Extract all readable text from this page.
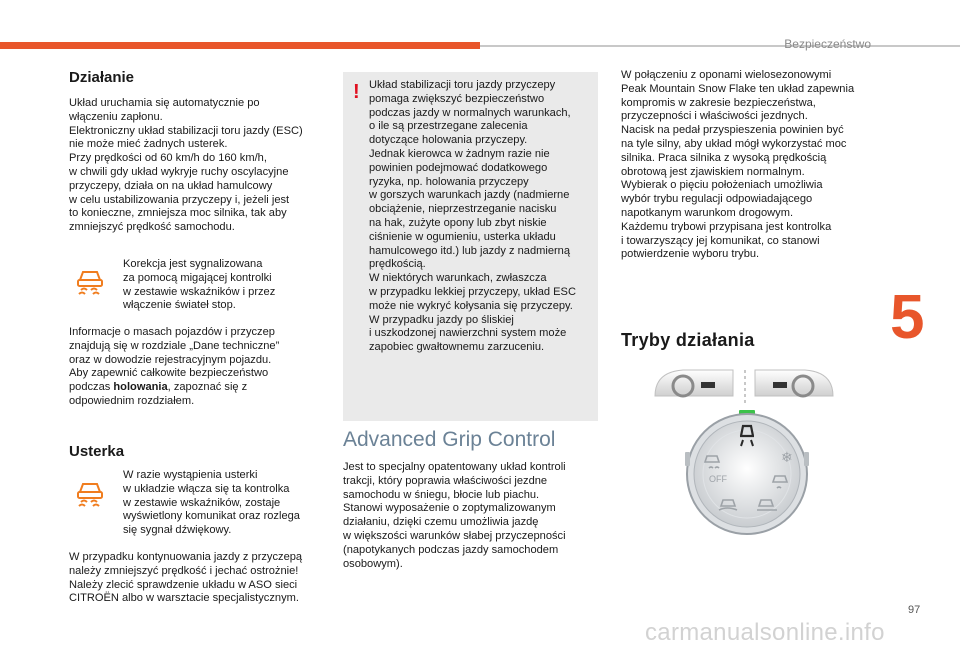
Bezpieczeństwo
5
97
carmanualsonline.info
Działanie
Układ uruchamia się automatycznie po
włączeniu zapłonu.
Elektroniczny układ stabilizacji toru jazdy (ESC)
nie może mieć żadnych usterek.
Przy prędkości od 60 km/h do 160 km/h,
w chwili gdy układ wykryje ruchy oscylacyjne
przyczepy, działa on na układ hamulcowy
w celu ustabilizowania przyczepy i, jeżeli jest
to konieczne, zmniejsza moc silnika, tak aby
zmniejszyć prędkość samochodu.
Korekcja jest sygnalizowana
za pomocą migającej kontrolki
w zestawie wskaźników i przez
włączenie świateł stop.
Informacje o masach pojazdów i przyczep
znajdują się w rozdziale „Dane techniczne”
oraz w dowodzie rejestracyjnym pojazdu.
Aby zapewnić całkowite bezpieczeństwo
podczas holowania, zapoznać się z
odpowiednim rozdziałem.
Usterka
W razie wystąpienia usterki
w układzie włącza się ta kontrolka
w zestawie wskaźników, zostaje
wyświetlony komunikat oraz rozlega
się sygnał dźwiękowy.
W przypadku kontynuowania jazdy z przyczepą
należy zmniejszyć prędkość i jechać ostrożnie!
Należy zlecić sprawdzenie układu w ASO sieci
CITROËN albo w warsztacie specjalistycznym.
! Układ stabilizacji toru jazdy przyczepy
pomaga zwiększyć bezpieczeństwo
podczas jazdy w normalnych warunkach,
o ile są przestrzegane zalecenia
dotyczące holowania przyczepy.
Jednak kierowca w żadnym razie nie
powinien podejmować dodatkowego
ryzyka, np. holowania przyczepy
w gorszych warunkach jazdy (nadmierne
obciążenie, nieprzestrzeganie nacisku
na hak, zużyte opony lub zbyt niskie
ciśnienie w ogumieniu, usterka układu
hamulcowego itd.) lub jazdy z nadmierną
prędkością.
W niektórych warunkach, zwłaszcza
w przypadku lekkiej przyczepy, układ ESC
może nie wykryć kołysania się przyczepy.
W przypadku jazdy po śliskiej
i uszkodzonej nawierzchni system może
zapobiec gwałtownemu zarzuceniu.
Advanced Grip Control
Jest to specjalny opatentowany układ kontroli
trakcji, który poprawia właściwości jezdne
samochodu w śniegu, błocie lub piachu.
Stanowi wyposażenie o zoptymalizowanym
działaniu, dzięki czemu umożliwia jazdę
w większości warunków słabej przyczepności
(napotykanych podczas jazdy samochodem
osobowym).
W połączeniu z oponami wielosezonowymi
Peak Mountain Snow Flake ten układ zapewnia
kompromis w zakresie bezpieczeństwa,
przyczepności i właściwości jezdnych.
Nacisk na pedał przyspieszenia powinien być
na tyle silny, aby układ mógł wykorzystać moc
silnika. Praca silnika z wysoką prędkością
obrotową jest zjawiskiem normalnym.
Wybierak o pięciu położeniach umożliwia
wybór trybu regulacji odpowiadającego
napotkanym warunkom drogowym.
Każdemu trybowi przypisana jest kontrolka
i towarzyszący jej komunikat, co stanowi
potwierdzenie wyboru trybu.
Tryby działania
OFF
❄
